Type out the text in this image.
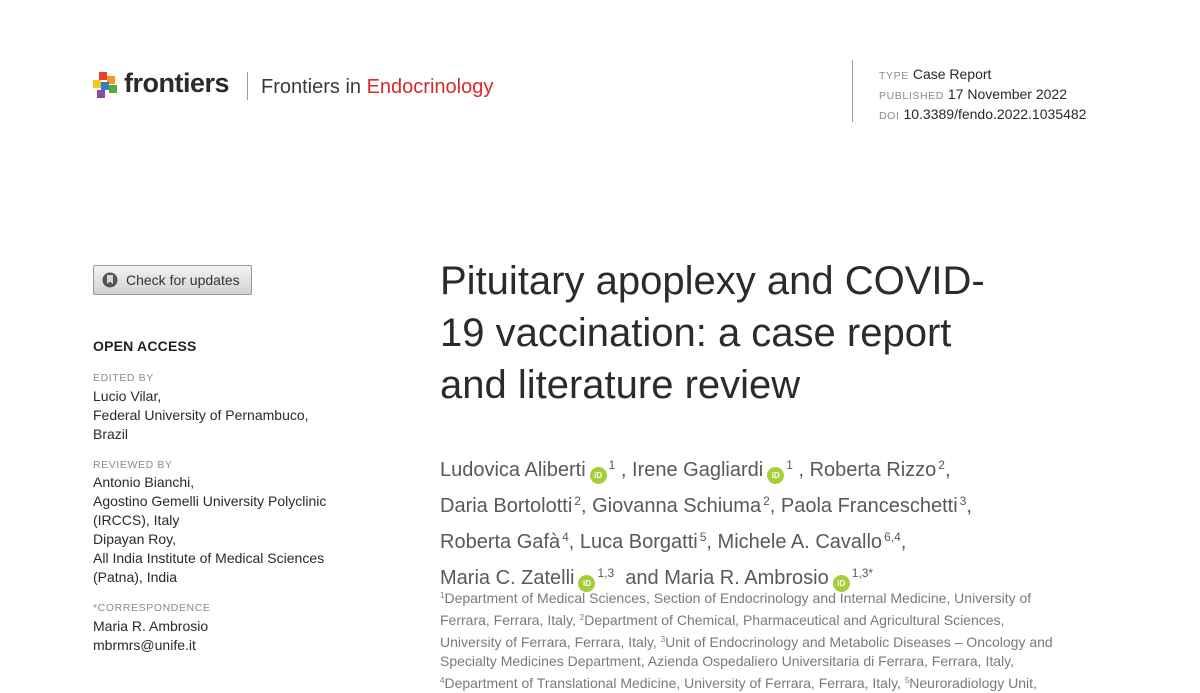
frontiers Frontiers in Endocrinology	TYPE Case Report
PUBLISHED 17 November 2022
DOI 10.3389/fendo.2022.1035482
Check for updates
OPEN ACCESS
EDITED BY
Lucio Vilar,
Federal University of Pernambuco,
Brazil
REVIEWED BY
Antonio Bianchi,
Agostino Gemelli University Polyclinic
(IRCCS), Italy
Dipayan Roy,
All India Institute of Medical Sciences
(Patna), India
*CORRESPONDENCE
Maria R. Ambrosio
mbrmrs@unife.it
Pituitary apoplexy and COVID-
19 vaccination: a case report
and literature review
Ludovica Aliberti $iD^1$ , Irene Gagliardi $iD^1$ , Roberta Rizzo $^2$,
Daria Bortolotti $^2$, Giovanna Schiuma $^2$, Paola Franceschetti $^3$,
Roberta Gafà $^4$, Luca Borgatti $^5$, Michele A. Cavallo $^{6,4}$,
Maria C. Zatelli iD$^{1,3}$ and Maria R. Ambrosio $iD^{1,3*}$
$^1$Department of Medical Sciences, Section of Endocrinology and Internal Medicine, University of
Ferrara, Ferrara, Italy, $^2$Department of Chemical, Pharmaceutical and Agricultural Sciences,
University of Ferrara, Ferrara, Italy, $^3$Unit of Endocrinology and Metabolic Diseases – Oncology and
Specialty Medicines Department, Azienda Ospedaliero Universitaria di Ferrara, Ferrara, Italy,
$^4$Department of Translational Medicine, University of Ferrara, Ferrara, Italy, $^5$Neuroradiology Unit,
